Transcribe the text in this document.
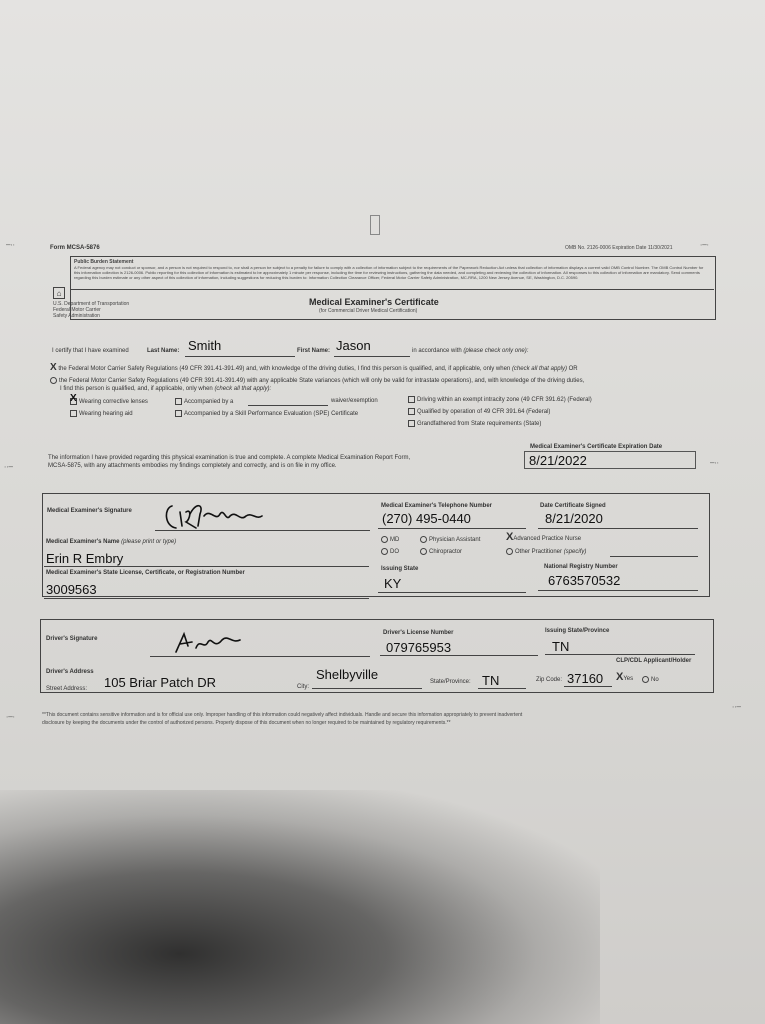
–∙∙	∙–∙
∙∙–	–∙∙
∙–∙
∙∙–
Form MCSA-5876	OMB No. 2126-0006 Expiration Date 11/30/2021
Public Burden Statement
A Federal agency may not conduct or sponsor, and a person is not required to respond to, nor shall a person be subject to a penalty for failure to comply with a collection of information subject to the requirements of the Paperwork Reduction Act unless that collection of information displays a current valid OMB Control Number. The OMB Control Number for this information collection is 2126-0006. Public reporting for this collection of information is estimated to be approximately 1 minute per response, including the time for reviewing instructions, gathering the data needed, and completing and reviewing the collection of information. All responses to this collection of information are mandatory. Send comments regarding this burden estimate or any other aspect of this collection of information, including suggestions for reducing this burden to: Information Collection Clearance Officer, Federal Motor Carrier Safety Administration, MC-RRA, 1200 New Jersey Avenue, SE, Washington, D.C. 20590.
⌂
U.S. Department of Transportation
Federal Motor Carrier
Safety Administration
Medical Examiner's Certificate
(for Commercial Driver Medical Certification)
I certify that I have examined	Last Name: Smith	First Name: Jason	in accordance with (please check only one):
X the Federal Motor Carrier Safety Regulations (49 CFR 391.41-391.49) and, with knowledge of the driving duties, I find this person is qualified, and, if applicable, only when (check all that apply) OR
the Federal Motor Carrier Safety Regulations (49 CFR 391.41-391.49) with any applicable State variances (which will only be valid for intrastate operations), and, with knowledge of the driving duties,
I find this person is qualified, and, if applicable, only when (check all that apply):
XWearing corrective lenses
Wearing hearing aid
Accompanied by a	waiver/exemption
Accompanied by a Skill Performance Evaluation (SPE) Certificate
Driving within an exempt intracity zone (49 CFR 391.62) (Federal)
Qualified by operation of 49 CFR 391.64 (Federal)
Grandfathered from State requirements (State)
The information I have provided regarding this physical examination is true and complete. A complete Medical Examination Report Form,
MCSA-5875, with any attachments embodies my findings completely and correctly, and is on file in my office.
Medical Examiner's Certificate Expiration Date
8/21/2022
Medical Examiner's Signature
Medical Examiner's Telephone Number
(270) 495-0440
Date Certificate Signed
8/21/2020
Medical Examiner's Name (please print or type)
Erin R Embry
MD
DO
Physician Assistant
Chiropractor
XAdvanced Practice Nurse
Other Practitioner (specify)
Medical Examiner's State License, Certificate, or Registration Number
3009563
Issuing State
KY
National Registry Number
6763570532
Driver's Signature
Driver's License Number
079765953
Issuing State/Province
TN
CLP/CDL Applicant/Holder
Driver's Address
Street Address: 105 Briar Patch DR	City:
Shelbyville	State/Province: TN	Zip Code: 37160 XYes	No
**This document contains sensitive information and is for official use only. Improper handling of this information could negatively affect individuals. Handle and secure this information appropriately to prevent inadvertent
disclosure by keeping the documents under the control of authorized persons. Properly dispose of this document when no longer required to be maintained by regulatory requirements.**
